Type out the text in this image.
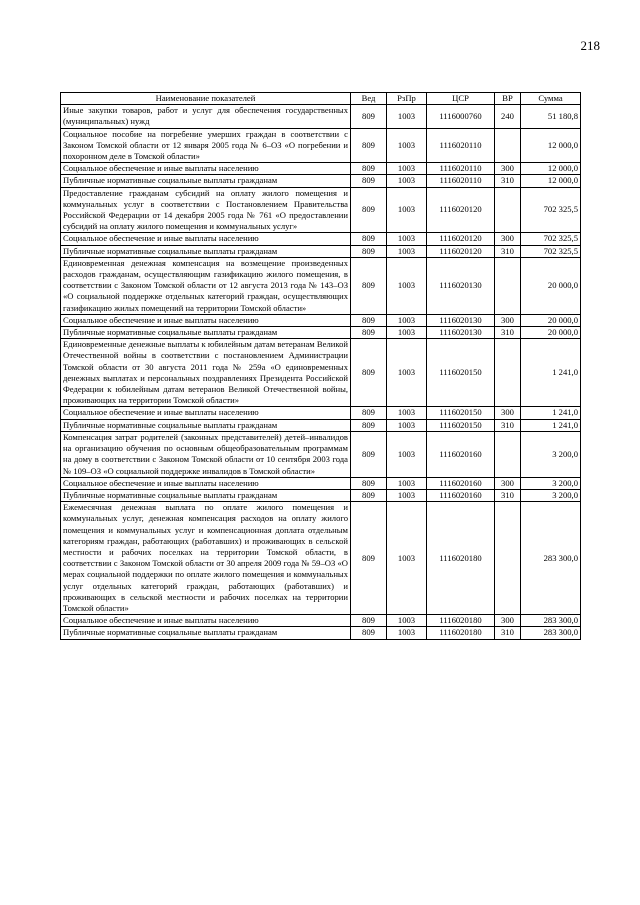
218
Наименование показателей	Вед	РзПр	ЦСР	ВР	Сумма
Иные закупки товаров, работ и услуг для обеспечения государственных (муниципальных) нужд	809	1003	1116000760	240	51 180,8
Социальное пособие на погребение умерших граждан в соответствии с Законом Томской области от 12 января 2005 года № 6–ОЗ «О погребении и похоронном деле в Томской области»	809	1003	1116020110		12 000,0
Социальное обеспечение и иные выплаты населению	809	1003	1116020110	300	12 000,0
Публичные нормативные социальные выплаты гражданам	809	1003	1116020110	310	12 000,0
Предоставление гражданам субсидий на оплату жилого помещения и коммунальных услуг в соответствии с Постановлением Правительства Российской Федерации от 14 декабря 2005 года № 761 «О предоставлении субсидий на оплату жилого помещения и коммунальных услуг»	809	1003	1116020120		702 325,5
Социальное обеспечение и иные выплаты населению	809	1003	1116020120	300	702 325,5
Публичные нормативные социальные выплаты гражданам	809	1003	1116020120	310	702 325,5
Единовременная денежная компенсация на возмещение произведенных расходов гражданам, осуществляющим газификацию жилого помещения, в соответствии с Законом Томской области от 12 августа 2013 года № 143–ОЗ «О социальной поддержке отдельных категорий граждан, осуществляющих газификацию жилых помещений на территории Томской области»	809	1003	1116020130		20 000,0
Социальное обеспечение и иные выплаты населению	809	1003	1116020130	300	20 000,0
Публичные нормативные социальные выплаты гражданам	809	1003	1116020130	310	20 000,0
Единовременные денежные выплаты к юбилейным датам ветеранам Великой Отечественной войны в соответствии с постановлением Администрации Томской области от 30 августа 2011 года № 259а «О единовременных денежных выплатах и персональных поздравлениях Президента Российской Федерации к юбилейным датам ветеранов Великой Отечественной войны, проживающих на территории Томской области»	809	1003	1116020150		1 241,0
Социальное обеспечение и иные выплаты населению	809	1003	1116020150	300	1 241,0
Публичные нормативные социальные выплаты гражданам	809	1003	1116020150	310	1 241,0
Компенсация затрат родителей (законных представителей) детей–инвалидов на организацию обучения по основным общеобразовательным программам на дому в соответствии с Законом Томской области от 10 сентября 2003 года № 109–ОЗ «О социальной поддержке инвалидов в Томской области»	809	1003	1116020160		3 200,0
Социальное обеспечение и иные выплаты населению	809	1003	1116020160	300	3 200,0
Публичные нормативные социальные выплаты гражданам	809	1003	1116020160	310	3 200,0
Ежемесячная денежная выплата по оплате жилого помещения и коммунальных услуг, денежная компенсация расходов на оплату жилого помещения и коммунальных услуг и компенсационная доплата отдельным категориям граждан, работающих (работавших) и проживающих в сельской местности и рабочих поселках на территории Томской области, в соответствии с Законом Томской области от 30 апреля 2009 года № 59–ОЗ «О мерах социальной поддержки по оплате жилого помещения и коммунальных услуг отдельных категорий граждан, работающих (работавших) и проживающих в сельской местности и рабочих поселках на территории Томской области»	809	1003	1116020180		283 300,0
Социальное обеспечение и иные выплаты населению	809	1003	1116020180	300	283 300,0
Публичные нормативные социальные выплаты гражданам	809	1003	1116020180	310	283 300,0
